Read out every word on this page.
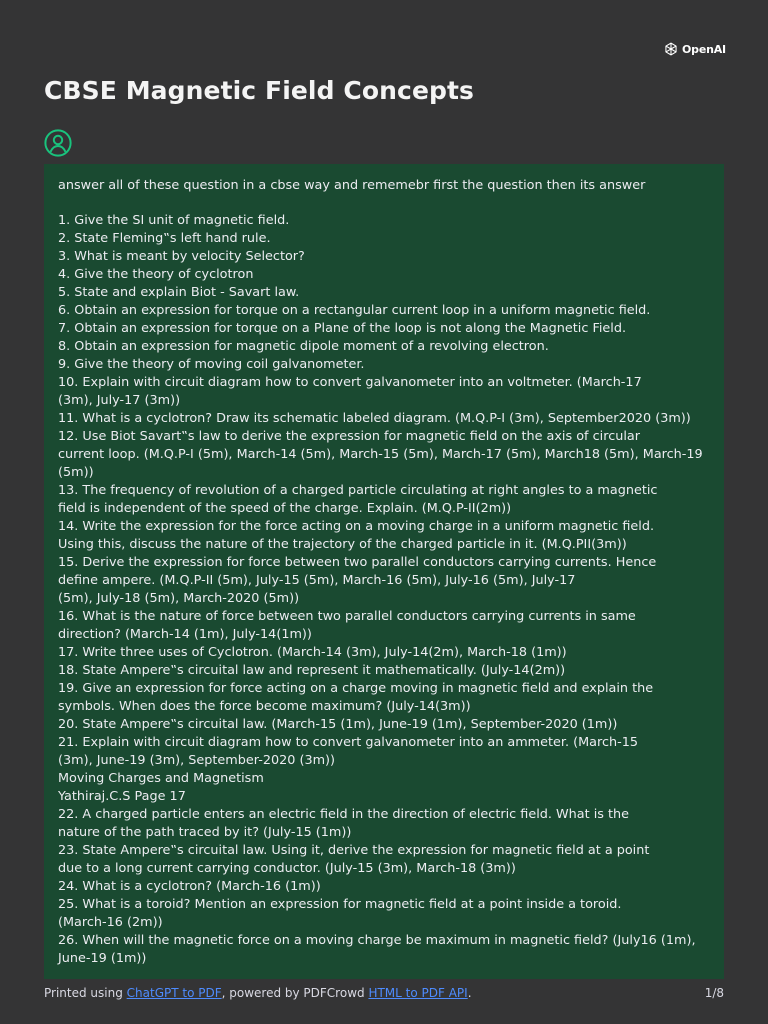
OpenAI
CBSE Magnetic Field Concepts
answer all of these question in a cbse way and rememebr first the question then its answer
1. Give the SI unit of magnetic field.
2. State Fleming‟s left hand rule.
3. What is meant by velocity Selector?
4. Give the theory of cyclotron
5. State and explain Biot - Savart law.
6. Obtain an expression for torque on a rectangular current loop in a uniform magnetic field.
7. Obtain an expression for torque on a Plane of the loop is not along the Magnetic Field.
8. Obtain an expression for magnetic dipole moment of a revolving electron.
9. Give the theory of moving coil galvanometer.
10. Explain with circuit diagram how to convert galvanometer into an voltmeter. (March-17
(3m), July-17 (3m))
11. What is a cyclotron? Draw its schematic labeled diagram. (M.Q.P-I (3m), September2020 (3m))
12. Use Biot Savart‟s law to derive the expression for magnetic field on the axis of circular
current loop. (M.Q.P-I (5m), March-14 (5m), March-15 (5m), March-17 (5m), March18 (5m), March-19
(5m))
13. The frequency of revolution of a charged particle circulating at right angles to a magnetic
field is independent of the speed of the charge. Explain. (M.Q.P-II(2m))
14. Write the expression for the force acting on a moving charge in a uniform magnetic field.
Using this, discuss the nature of the trajectory of the charged particle in it. (M.Q.PII(3m))
15. Derive the expression for force between two parallel conductors carrying currents. Hence
define ampere. (M.Q.P-II (5m), July-15 (5m), March-16 (5m), July-16 (5m), July-17
(5m), July-18 (5m), March-2020 (5m))
16. What is the nature of force between two parallel conductors carrying currents in same
direction? (March-14 (1m), July-14(1m))
17. Write three uses of Cyclotron. (March-14 (3m), July-14(2m), March-18 (1m))
18. State Ampere‟s circuital law and represent it mathematically. (July-14(2m))
19. Give an expression for force acting on a charge moving in magnetic field and explain the
symbols. When does the force become maximum? (July-14(3m))
20. State Ampere‟s circuital law. (March-15 (1m), June-19 (1m), September-2020 (1m))
21. Explain with circuit diagram how to convert galvanometer into an ammeter. (March-15
(3m), June-19 (3m), September-2020 (3m))
Moving Charges and Magnetism
Yathiraj.C.S Page 17
22. A charged particle enters an electric field in the direction of electric field. What is the
nature of the path traced by it? (July-15 (1m))
23. State Ampere‟s circuital law. Using it, derive the expression for magnetic field at a point
due to a long current carrying conductor. (July-15 (3m), March-18 (3m))
24. What is a cyclotron? (March-16 (1m))
25. What is a toroid? Mention an expression for magnetic field at a point inside a toroid.
(March-16 (2m))
26. When will the magnetic force on a moving charge be maximum in magnetic field? (July16 (1m),
June-19 (1m))
Printed using ChatGPT to PDF, powered by PDFCrowd HTML to PDF API.	1/8
